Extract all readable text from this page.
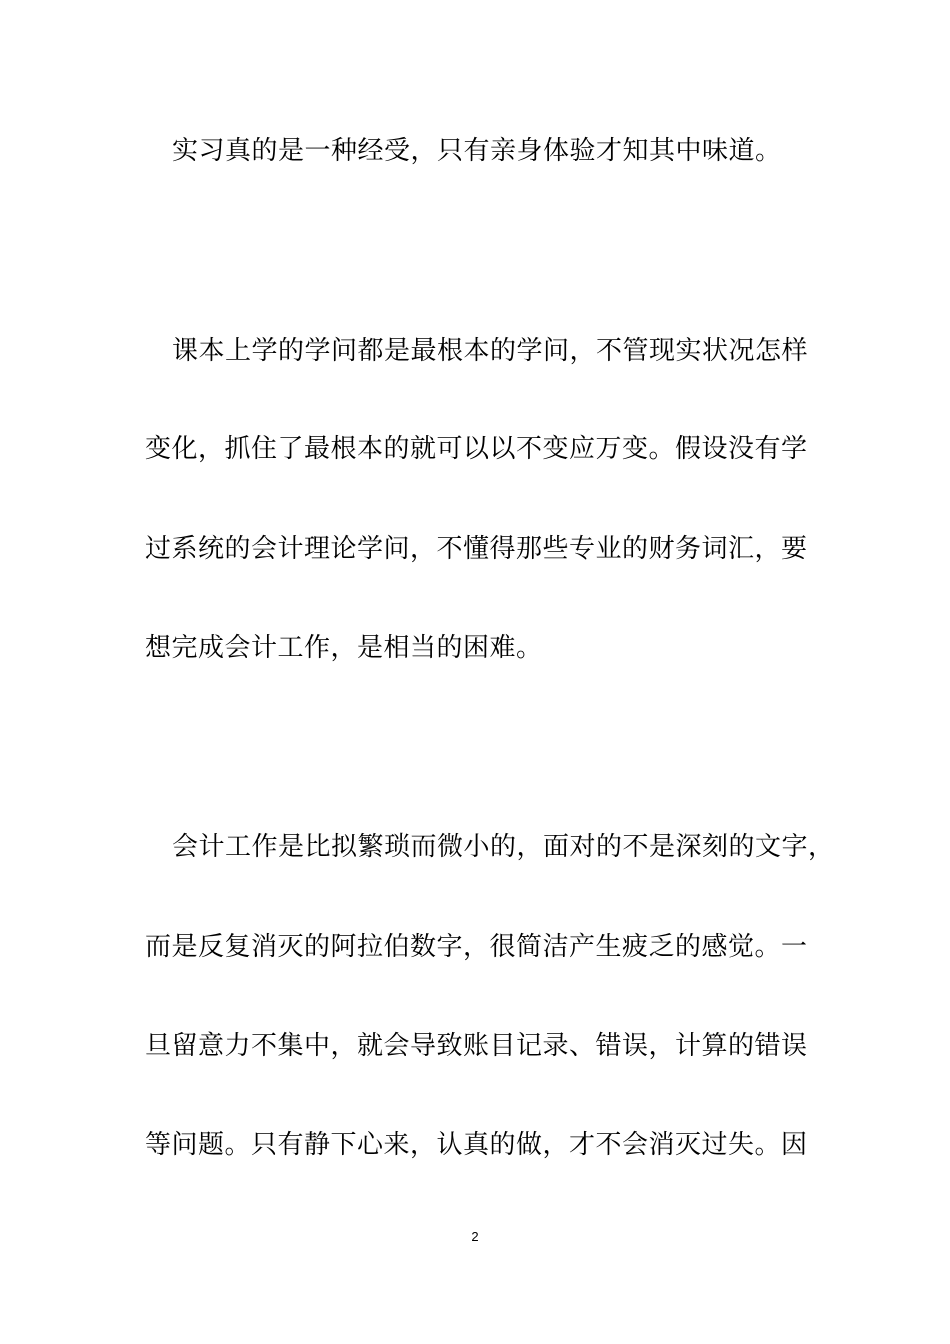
实习真的是一种经受，只有亲身体验才知其中味道。
课本上学的学问都是最根本的学问，不管现实状况怎样
变化，抓住了最根本的就可以以不变应万变。假设没有学
过系统的会计理论学问，不懂得那些专业的财务词汇，要
想完成会计工作，是相当的困难。
会计工作是比拟繁琐而微小的，面对的不是深刻的文字，
而是反复消灭的阿拉伯数字，很简洁产生疲乏的感觉。一
旦留意力不集中，就会导致账目记录、错误，计算的错误
等问题。只有静下心来，认真的做，才不会消灭过失。因
2
